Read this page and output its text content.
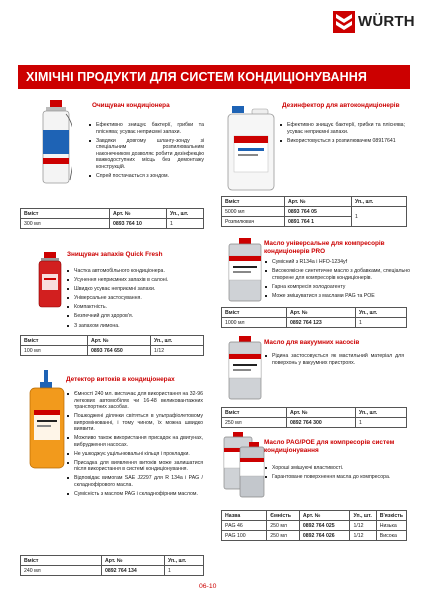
WÜRTH
ХІМІЧНІ ПРОДУКТИ ДЛЯ СИСТЕМ КОНДИЦІОНУВАННЯ
Очищувач кондиціонера
Ефективно знищує бактерії, грибки та пліснява; усуває неприємні запахи.
Завдяки довгому шлангу-зонду зі спеціальним розпилювальним наконечником дозволяє робити дезінфекцію важкодоступних місць без демонтажу конструкцій.
Спрей постачається з зондом.
Вміст	Арт. №	Уп., шт.
300 мл	0893 764 10	1
Дезинфектор для автокондиціонерів
Ефективно знищує бактерії, грибки та пліснява; усуває неприємні запахи.
Використовується з розпилювачем 08917641
Вміст	Арт. №	Уп., шт.
5000 мл	0893 764 05	1
Розпилювач	0891 764 1	
Знищувач запахів Quick Fresh
Частка автомобільного кондиціонера.
Усунення неприємних запахів в салоні.
Швидко усуває неприємні запахи.
Універсальне застосування.
Компактність.
Безпечний для здоров'я.
З запахом лимона.
Вміст	Арт. №	Уп., шт.
100 мл	0893 764 650	1/12
Масло універсальне для компресорів кондиціонерів PRO
Сумісний з R134a і HFO-1234yf
Високоякісне синтетичне масло з добавками, спеціально створене для компресорів кондиціонерів.
Гарна компресія холодоагенту
Може змішуватися з маслами PAG та POE
Вміст	Арт. №	Уп., шт.
1000 мл	0892 764 123	1
Масло для вакуумних насосів
Рідина застосовується як мастильний матеріал для поверхонь у вакуумних пристроях.
Вміст	Арт. №	Уп., шт.
250 мл	0892 764 300	1
Детектор витоків в кондиціонерах
Ємності 240 мл. вистачає для використання на 32-96 легкових автомобілях чи 16-48 великовантажних транспортних засобах.
Пошкоджені ділянки світяться в ультрафіолетовому випромінюванні, і тому чином, їх можна швидко виявити.
Можливо також використання присадок на двигунах, вибрудження насосах.
Не ушкоджує ущільнювальні кільця і прокладки.
Присадка для виявлення витоків може залишатися після використання в системі кондиціонування.
Відповідає вимогам SAE J2297 для R 134a і PAG / складнофірового масла.
Сумісність з маслом PAG і складнофірним маслом.
Вміст	Арт. №	Уп., шт.
240 мл	0892 764 134	1
Масло PAG/POE для компресорів систем кондиціонування
Хороші змішуючі властивості.
Гарантоване поверхнення масла до компресора.
Назва	Ємність	Арт. №	Уп., шт.	В'язкість
PAG 46	250 мл	0892 764 025	1/12	Низька
PAG 100	250 мл	0892 764 026	1/12	Висока
06-10
